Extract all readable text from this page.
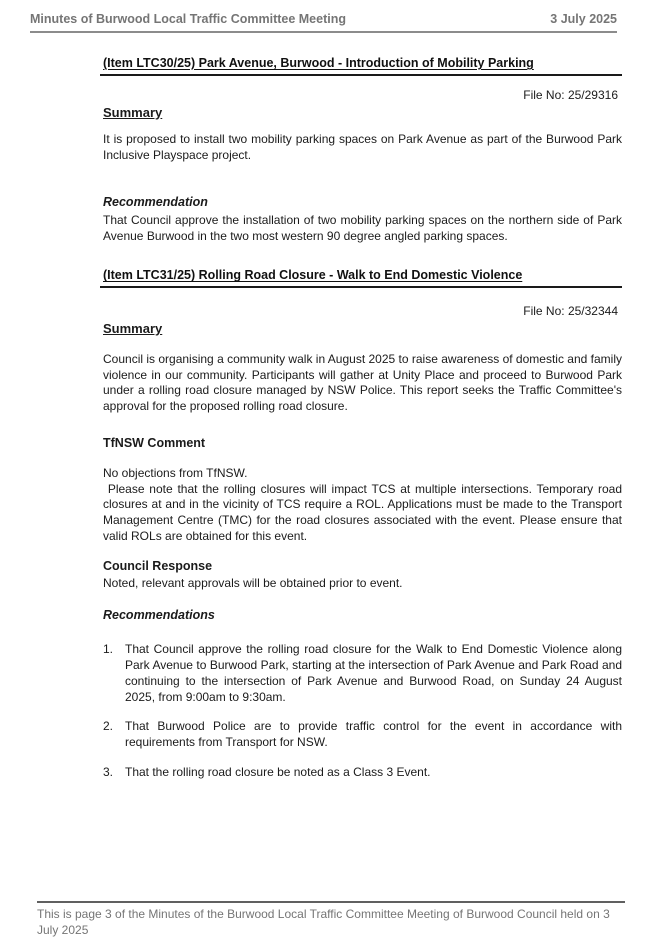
Minutes of Burwood Local Traffic Committee Meeting	3 July 2025
(Item LTC30/25) Park Avenue, Burwood - Introduction of Mobility Parking
File No: 25/29316
Summary

It is proposed to install two mobility parking spaces on Park Avenue as part of the Burwood Park Inclusive Playspace project.

Recommendation

That Council approve the installation of two mobility parking spaces on the northern side of Park Avenue Burwood in the two most western 90 degree angled parking spaces.

(Item LTC31/25) Rolling Road Closure - Walk to End Domestic Violence
File No: 25/32344
Summary

Council is organising a community walk in August 2025 to raise awareness of domestic and family violence in our community. Participants will gather at Unity Place and proceed to Burwood Park under a rolling road closure managed by NSW Police. This report seeks the Traffic Committee's approval for the proposed rolling road closure.

TfNSW Comment
No objections from TfNSW.

Please note that the rolling closures will impact TCS at multiple intersections. Temporary road closures at and in the vicinity of TCS require a ROL. Applications must be made to the Transport Management Centre (TMC) for the road closures associated with the event. Please ensure that valid ROLs are obtained for this event.

Council Response
Noted, relevant approvals will be obtained prior to event.
Recommendations
1. That Council approve the rolling road closure for the Walk to End Domestic Violence along Park Avenue to Burwood Park, starting at the intersection of Park Avenue and Park Road and continuing to the intersection of Park Avenue and Burwood Road, on Sunday 24 August 2025, from 9:00am to 9:30am.
2. That Burwood Police are to provide traffic control for the event in accordance with requirements from Transport for NSW.
3. That the rolling road closure be noted as a Class 3 Event.
This is page 3 of the Minutes of the Burwood Local Traffic Committee Meeting of Burwood Council held on 3 July 2025
